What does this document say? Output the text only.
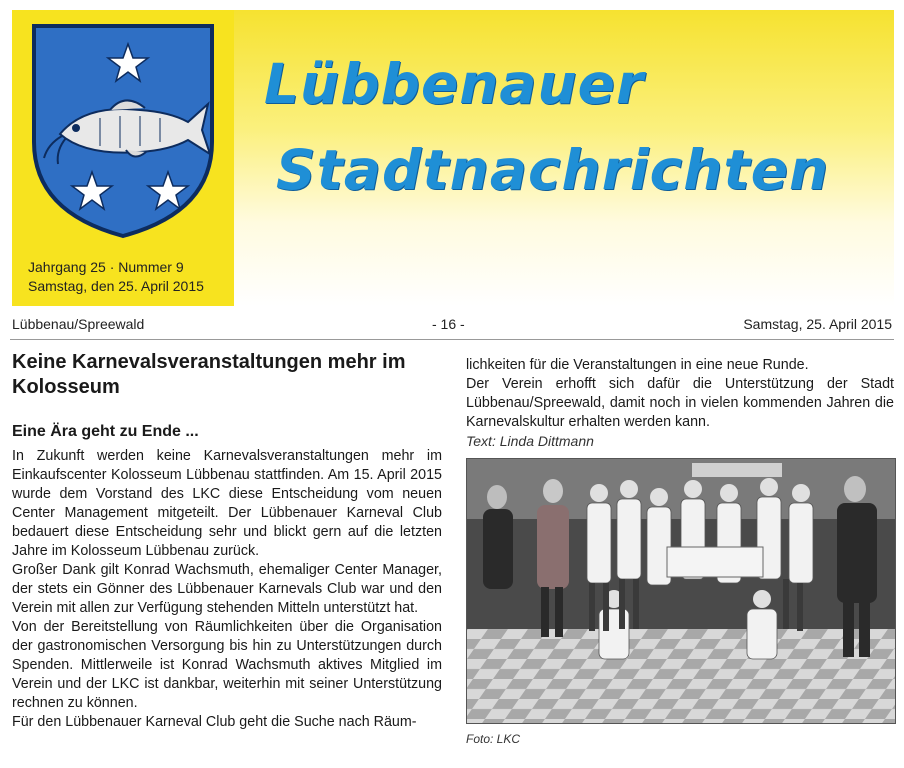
Jahrgang 25 · Nummer 9
Samstag, den 25. April 2015
Lübbenauer
Stadtnachrichten
Lübbenau/Spreewald	- 16 -	Samstag, 25. April 2015
Keine Karnevalsveranstaltungen mehr im Kolosseum
Eine Ära geht zu Ende ...

In Zukunft werden keine Karnevalsveranstaltungen mehr im Einkaufscenter Kolosseum Lübbenau stattfinden. Am 15. April 2015 wurde dem Vorstand des LKC diese Entscheidung vom neuen Center Management mitgeteilt. Der Lübbenauer Karneval Club bedauert diese Entscheidung sehr und blickt gern auf die letzten Jahre im Kolosseum Lübbenau zurück.

Großer Dank gilt Konrad Wachsmuth, ehemaliger Center Manager, der stets ein Gönner des Lübbenauer Karnevals Club war und den Verein mit allen zur Verfügung stehenden Mitteln unterstützt hat.

Von der Bereitstellung von Räumlichkeiten über die Organisation der gastronomischen Versorgung bis hin zu Unterstützungen durch Spenden. Mittlerweile ist Konrad Wachsmuth aktives Mitglied im Verein und der LKC ist dankbar, weiterhin mit seiner Unterstützung rechnen zu können.

Für den Lübbenauer Karneval Club geht die Suche nach Räum-

lichkeiten für die Veranstaltungen in eine neue Runde.

Der Verein erhofft sich dafür die Unterstützung der Stadt Lübbenau/Spreewald, damit noch in vielen kommenden Jahren die Karnevalskultur erhalten werden kann.

Text: Linda Dittmann
Foto: LKC
